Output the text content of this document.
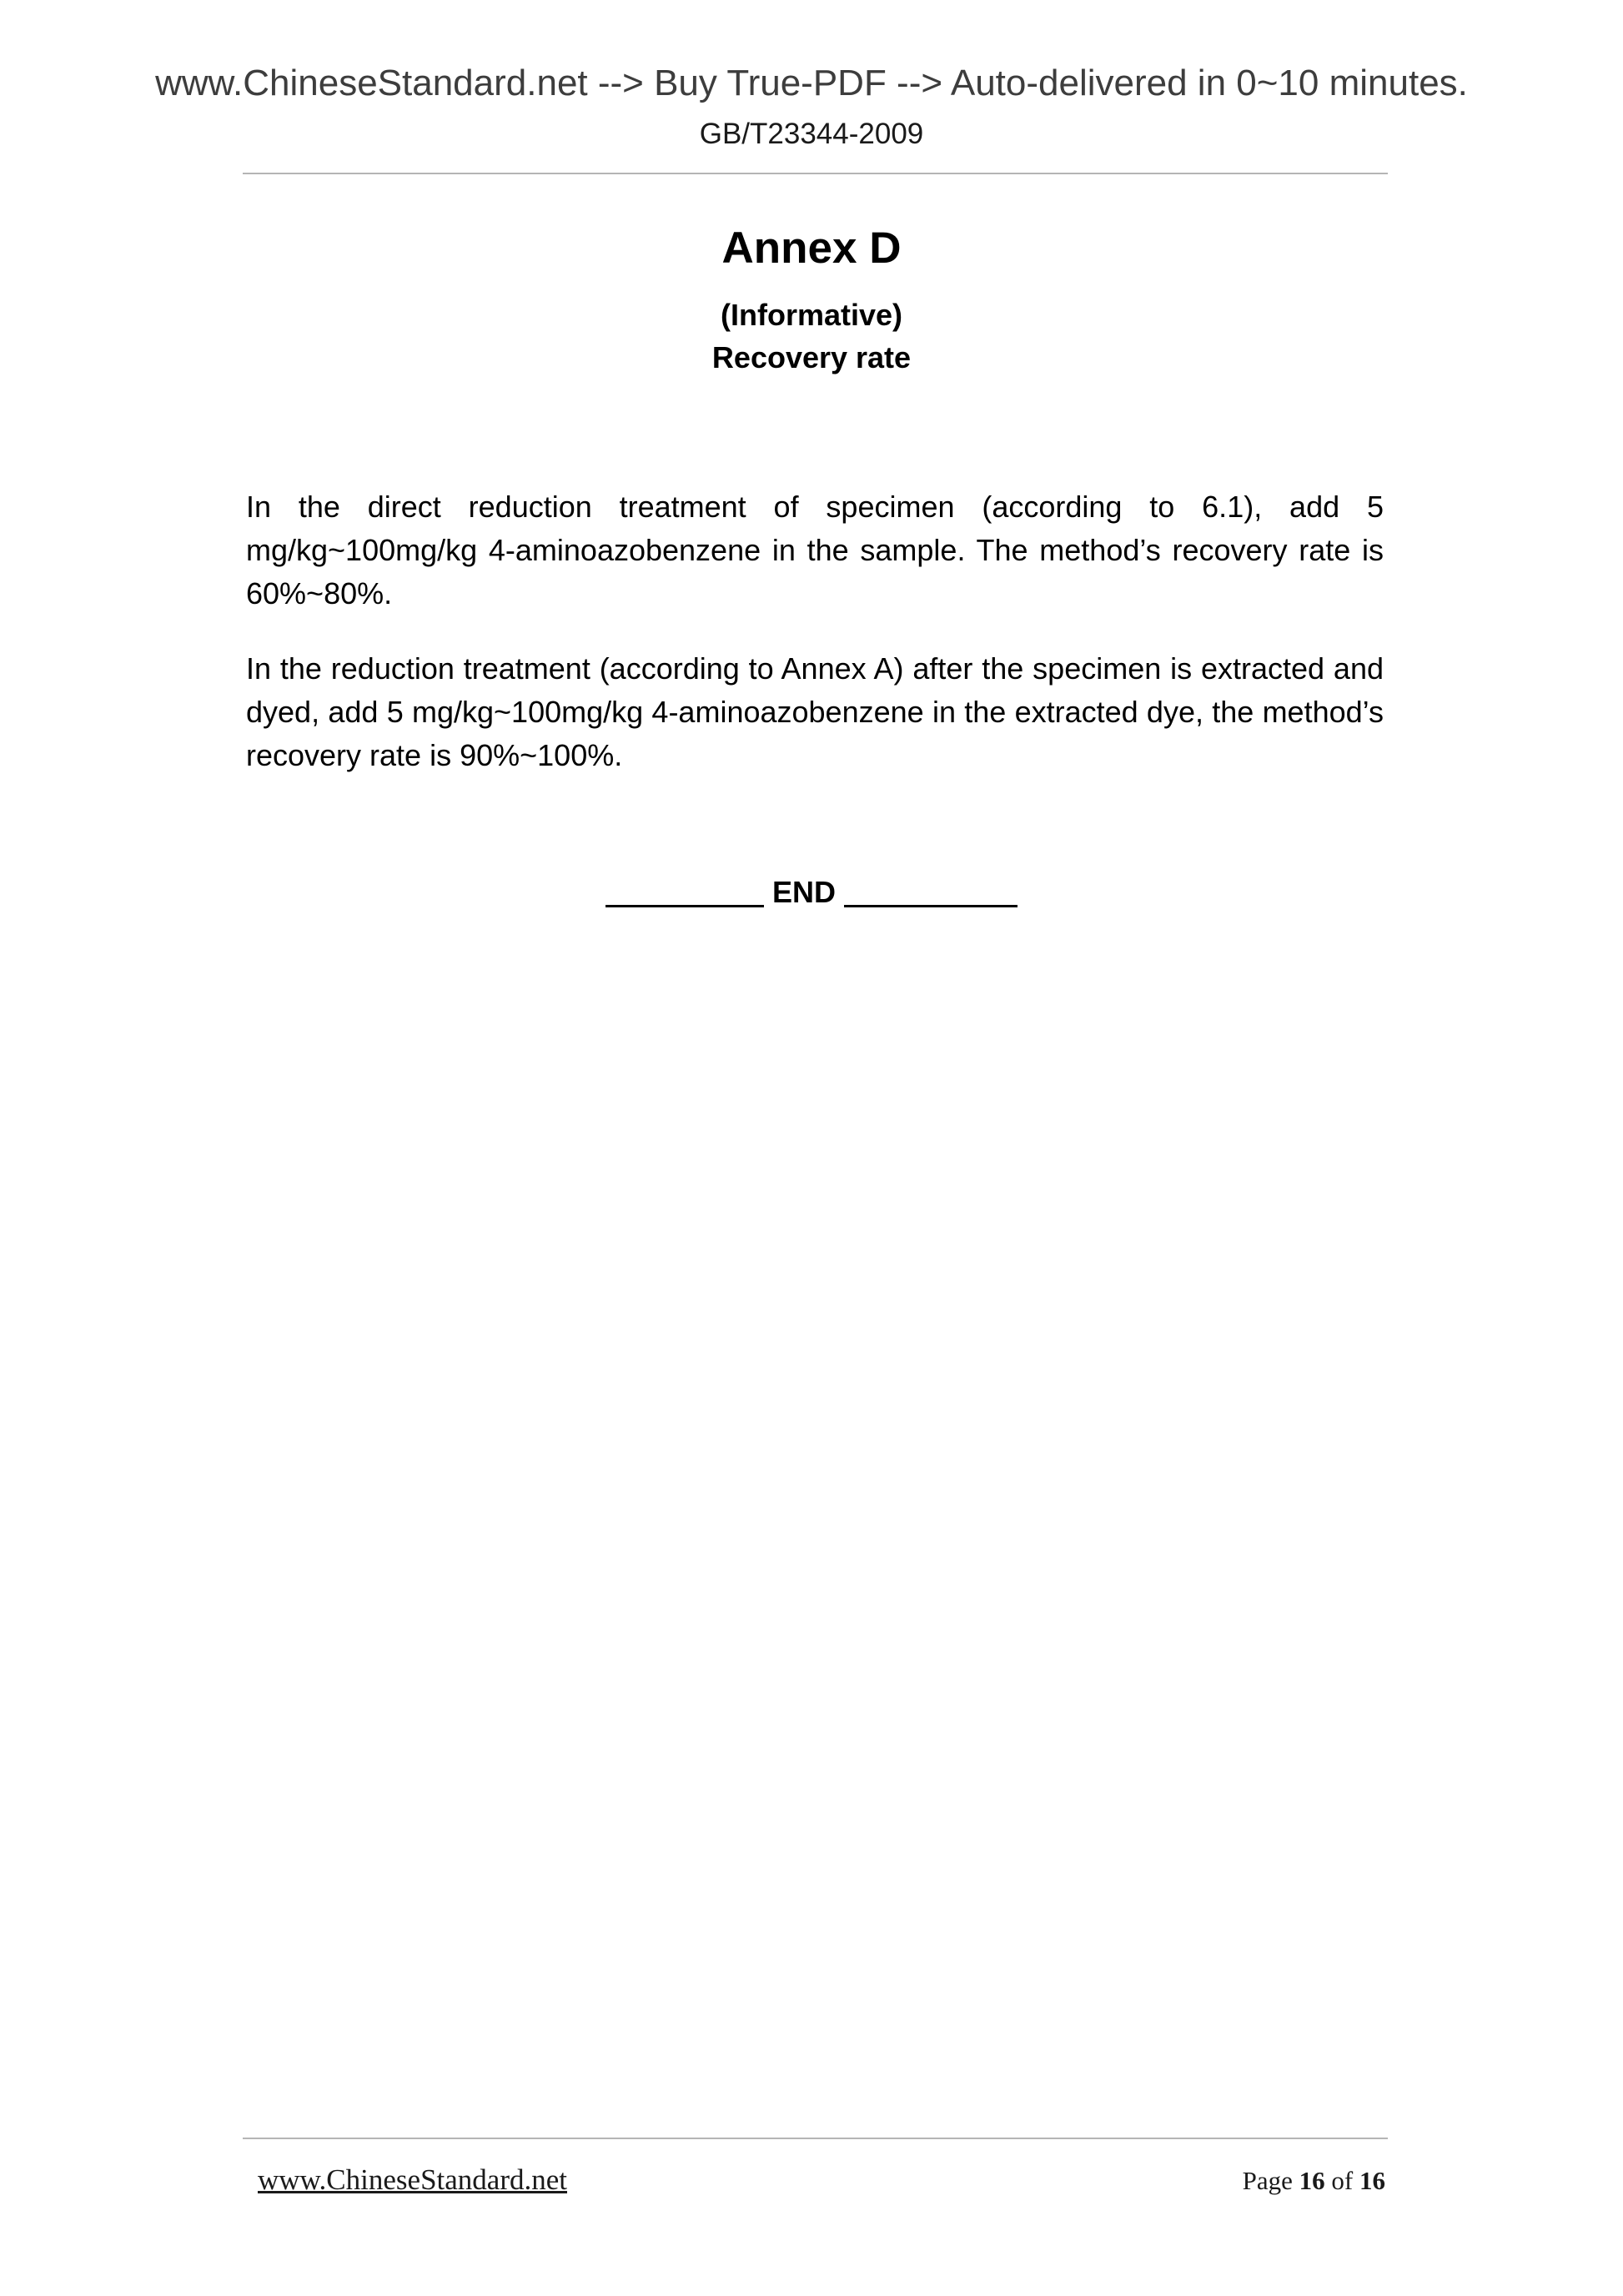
www.ChineseStandard.net --> Buy True-PDF --> Auto-delivered in 0~10 minutes.
GB/T23344-2009
Annex D
(Informative)
Recovery rate

In the direct reduction treatment of specimen (according to 6.1), add 5 mg/kg~100mg/kg 4-aminoazobenzene in the sample. The method’s recovery rate is 60%~80%.

In the reduction treatment (according to Annex A) after the specimen is extracted and dyed, add 5 mg/kg~100mg/kg 4-aminoazobenzene in the extracted dye, the method’s recovery rate is 90%~100%.

END
www.ChineseStandard.net	Page 16 of 16
